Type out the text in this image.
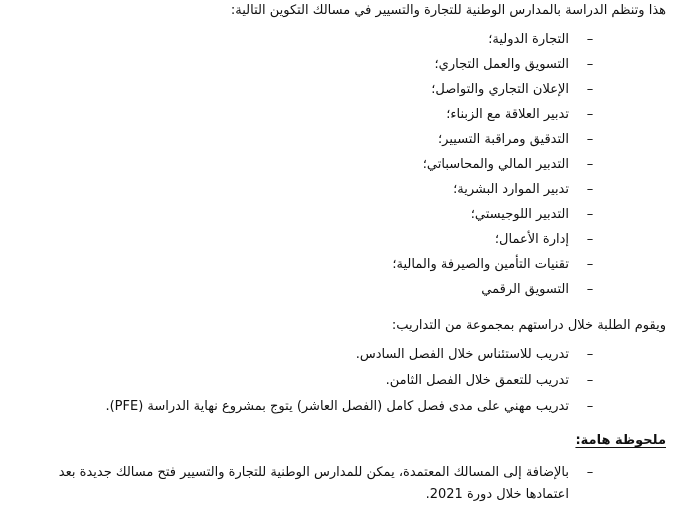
هذا وتنظم الدراسة بالمدارس الوطنية للتجارة والتسيير في مسالك التكوين التالية:
–
التجارة الدولية؛
–
التسويق والعمل التجاري؛
–
الإعلان التجاري والتواصل؛
–
تدبير العلاقة مع الزبناء؛
–
التدقيق ومراقبة التسيير؛
–
التدبير المالي والمحاسباتي؛
–
تدبير الموارد البشرية؛
–
التدبير اللوجيستي؛
–
إدارة الأعمال؛
–
تقنيات التأمين والصيرفة والمالية؛
–
التسويق الرقمي
ويقوم الطلبة خلال دراستهم بمجموعة من التداريب:
–
تدريب للاستئناس خلال الفصل السادس.
–
تدريب للتعمق خلال الفصل الثامن.
–
تدريب مهني على مدى فصل كامل (الفصل العاشر) يتوج بمشروع نهاية الدراسة (PFE).
ملحوظة هامة:
–
بالإضافة إلى المسالك المعتمدة، يمكن للمدارس الوطنية للتجارة والتسيير فتح مسالك جديدة بعد اعتمادها خلال دورة 2021.
